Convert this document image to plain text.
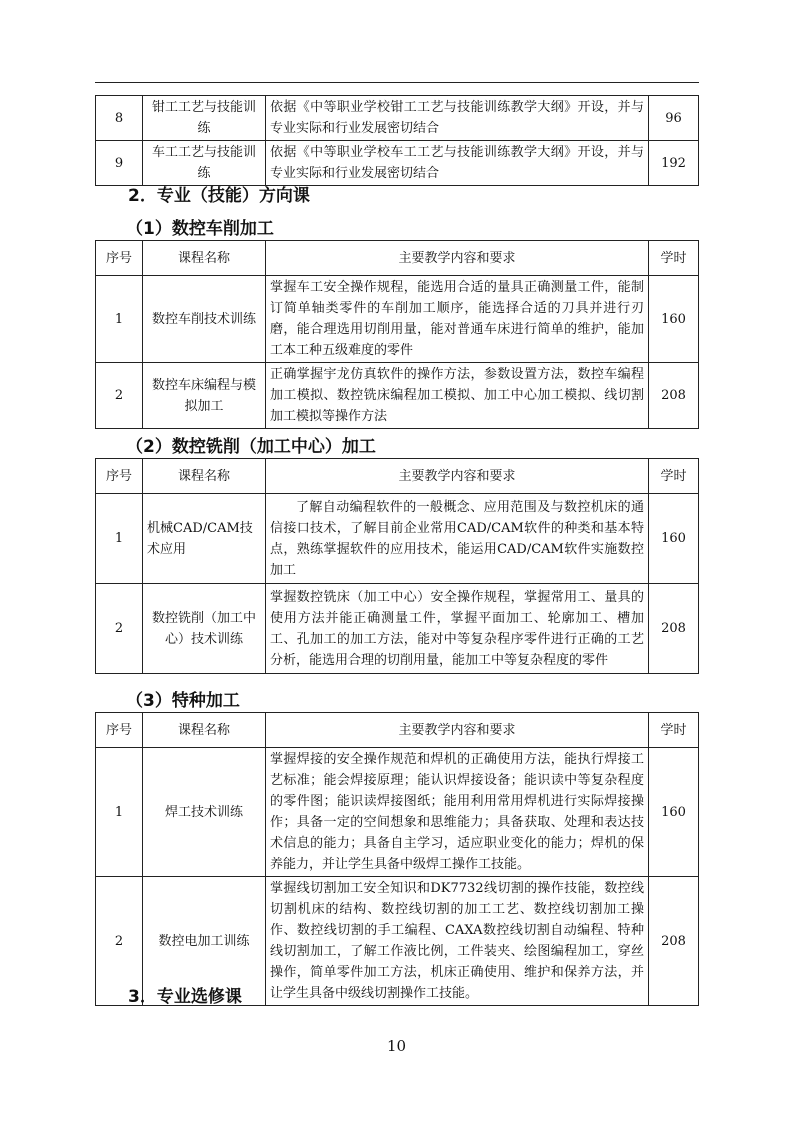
8	钳工工艺与技能训练	依据《中等职业学校钳工工艺与技能训练教学大纲》开设，并与专业实际和行业发展密切结合	96
9	车工工艺与技能训练	依据《中等职业学校车工工艺与技能训练教学大纲》开设，并与专业实际和行业发展密切结合	192
2．专业（技能）方向课
（1）数控车削加工
序号	课程名称	主要教学内容和要求	学时
1	数控车削技术训练	掌握车工安全操作规程，能选用合适的量具正确测量工件，能制订简单轴类零件的车削加工顺序，能选择合适的刀具并进行刃磨，能合理选用切削用量，能对普通车床进行简单的维护，能加工本工种五级难度的零件	160
2	数控车床编程与模拟加工	正确掌握宇龙仿真软件的操作方法，参数设置方法，数控车编程加工模拟、数控铣床编程加工模拟、加工中心加工模拟、线切割加工模拟等操作方法	208
（2）数控铣削（加工中心）加工
序号	课程名称	主要教学内容和要求	学时
1	机械CAD/CAM技术应用	了解自动编程软件的一般概念、应用范围及与数控机床的通信接口技术，了解目前企业常用CAD/CAM软件的种类和基本特点，熟练掌握软件的应用技术，能运用CAD/CAM软件实施数控加工	160
2	数控铣削（加工中心）技术训练	掌握数控铣床（加工中心）安全操作规程，掌握常用工、量具的使用方法并能正确测量工件，掌握平面加工、轮廓加工、槽加工、孔加工的加工方法，能对中等复杂程序零件进行正确的工艺分析，能选用合理的切削用量，能加工中等复杂程度的零件	208
（3）特种加工
序号	课程名称	主要教学内容和要求	学时
1	焊工技术训练	掌握焊接的安全操作规范和焊机的正确使用方法，能执行焊接工艺标准；能会焊接原理；能认识焊接设备；能识读中等复杂程度的零件图；能识读焊接图纸；能用利用常用焊机进行实际焊接操作；具备一定的空间想象和思维能力；具备获取、处理和表达技术信息的能力；具备自主学习，适应职业变化的能力；焊机的保养能力，并让学生具备中级焊工操作工技能。	160
2	数控电加工训练	掌握线切割加工安全知识和DK7732线切割的操作技能，数控线切割机床的结构、数控线切割的加工工艺、数控线切割加工操作、数控线切割的手工编程、CAXA数控线切割自动编程、特种线切割加工，了解工作液比例，工件装夹、绘图编程加工，穿丝操作，简单零件加工方法，机床正确使用、维护和保养方法，并让学生具备中级线切割操作工技能。	208
3．专业选修课
10
